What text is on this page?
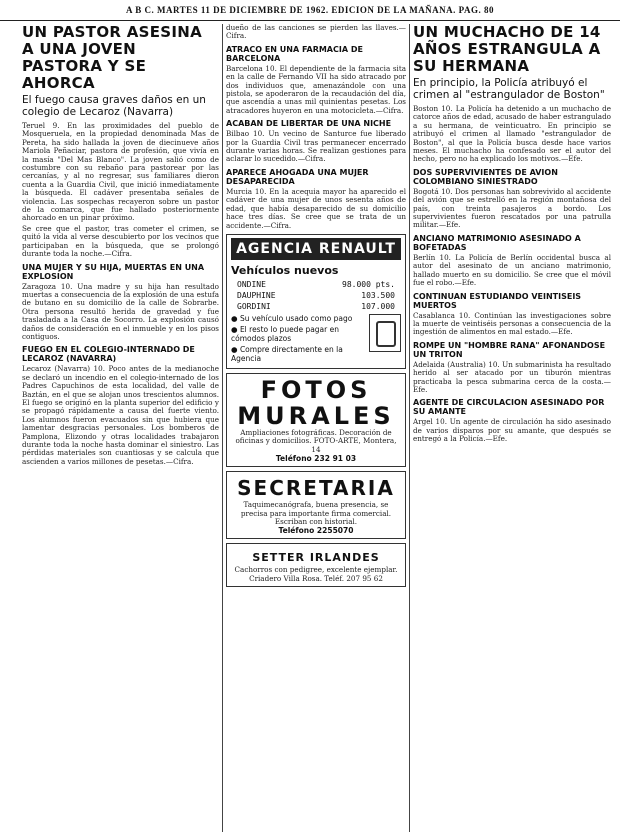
A B C. MARTES 11 DE DICIEMBRE DE 1962. EDICION DE LA MAÑANA. PAG. 80
UN PASTOR ASESINA A UNA JOVEN PASTORA Y SE AHORCA
El fuego causa graves daños en un colegio de Lecaroz (Navarra)

Teruel 9. En las proximidades del pueblo de Mosqueruela, en la propiedad denominada Mas de Pereta, ha sido hallada la joven de diecinueve años Mariola Peñaciar, pastora de profesión, que vivía en la masía "Del Mas Blanco". La joven salió como de costumbre con su rebaño para pastorear por las cercanías, y al no regresar, sus familiares dieron cuenta a la Guardia Civil, que inició inmediatamente la búsqueda. El cadáver presentaba señales de violencia. Las sospechas recayeron sobre un pastor de la comarca, que fue hallado posteriormente ahorcado en un pinar próximo.

Se cree que el pastor, tras cometer el crimen, se quitó la vida al verse descubierto por los vecinos que participaban en la búsqueda, que se prolongó durante toda la noche.—Cifra.

UNA MUJER Y SU HIJA, MUERTAS EN UNA EXPLOSION

Zaragoza 10. Una madre y su hija han resultado muertas a consecuencia de la explosión de una estufa de butano en su domicilio de la calle de Sobrarbe. Otra persona resultó herida de gravedad y fue trasladada a la Casa de Socorro. La explosión causó daños de consideración en el inmueble y en los pisos contiguos.

FUEGO EN EL COLEGIO-INTERNADO DE LECAROZ (NAVARRA)

Lecaroz (Navarra) 10. Poco antes de la medianoche se declaró un incendio en el colegio-internado de los Padres Capuchinos de esta localidad, del valle de Baztán, en el que se alojan unos trescientos alumnos. El fuego se originó en la planta superior del edificio y se propagó rápidamente a causa del fuerte viento. Los alumnos fueron evacuados sin que hubiera que lamentar desgracias personales. Los bomberos de Pamplona, Elizondo y otras localidades trabajaron durante toda la noche hasta dominar el siniestro. Las pérdidas materiales son cuantiosas y se calcula que ascienden a varios millones de pesetas.—Cifra.

dueño de las canciones se pierden las llaves.—Cifra.

ATRACO EN UNA FARMACIA DE BARCELONA

Barcelona 10. El dependiente de la farmacia sita en la calle de Fernando VII ha sido atracado por dos individuos que, amenazándole con una pistola, se apoderaron de la recaudación del día, que ascendía a unas mil quinientas pesetas. Los atracadores huyeron en una motocicleta.—Cifra.

ACABAN DE LIBERTAR DE UNA NICHE

Bilbao 10. Un vecino de Santurce fue liberado por la Guardia Civil tras permanecer encerrado durante varias horas. Se realizan gestiones para aclarar lo sucedido.—Cifra.

APARECE AHOGADA UNA MUJER DESAPARECIDA

Murcia 10. En la acequia mayor ha aparecido el cadáver de una mujer de unos sesenta años de edad, que había desaparecido de su domicilio hace tres días. Se cree que se trata de un accidente.—Cifra.

AGENCIA RENAULT
Vehículos nuevos
ONDINE	98.000 pts.
DAUPHINE	103.500
GORDINI	107.000
● Su vehículo usado como pago
● El resto lo puede pagar en cómodos plazos
● Compre directamente en la Agencia
FOTOS MURALES
Ampliaciones fotográficas. Decoración de oficinas y domicilios. FOTO-ARTE, Montera, 14
Teléfono 232 91 03
SECRETARIA
Taquimecanógrafa, buena presencia, se precisa para importante firma comercial. Escriban con historial.
Teléfono 2255070
SETTER IRLANDES
Cachorros con pedigree, excelente ejemplar. Criadero Villa Rosa. Teléf. 207 95 62
UN MUCHACHO DE 14 AÑOS ESTRANGULA A SU HERMANA
En principio, la Policía atribuyó el crimen al "estrangulador de Boston"

Boston 10. La Policía ha detenido a un muchacho de catorce años de edad, acusado de haber estrangulado a su hermana, de veinticuatro. En principio se atribuyó el crimen al llamado "estrangulador de Boston", al que la Policía busca desde hace varios meses. El muchacho ha confesado ser el autor del hecho, pero no ha explicado los motivos.—Efe.

DOS SUPERVIVIENTES DE AVION COLOMBIANO SINIESTRADO

Bogotá 10. Dos personas han sobrevivido al accidente del avión que se estrelló en la región montañosa del país, con treinta pasajeros a bordo. Los supervivientes fueron rescatados por una patrulla militar.—Efe.

ANCIANO MATRIMONIO ASESINADO A BOFETADAS

Berlín 10. La Policía de Berlín occidental busca al autor del asesinato de un anciano matrimonio, hallado muerto en su domicilio. Se cree que el móvil fue el robo.—Efe.

CONTINUAN ESTUDIANDO VEINTISEIS MUERTOS

Casablanca 10. Continúan las investigaciones sobre la muerte de veintiséis personas a consecuencia de la ingestión de alimentos en mal estado.—Efe.

ROMPE UN "HOMBRE RANA" AFONANDOSE UN TRITON

Adelaida (Australia) 10. Un submarinista ha resultado herido al ser atacado por un tiburón mientras practicaba la pesca submarina cerca de la costa.—Efe.

AGENTE DE CIRCULACION ASESINADO POR SU AMANTE

Argel 10. Un agente de circulación ha sido asesinado de varios disparos por su amante, que después se entregó a la Policía.—Efe.
